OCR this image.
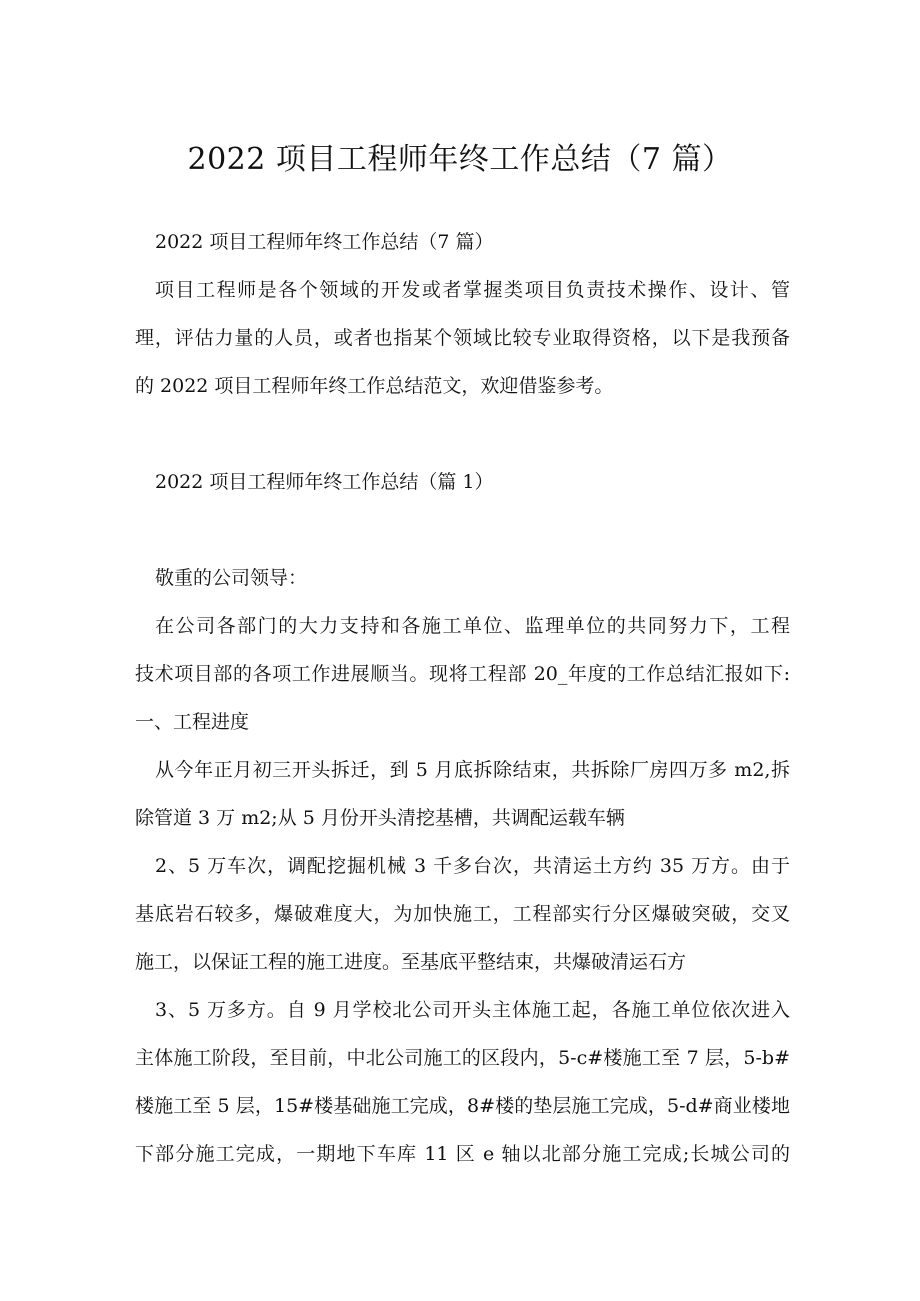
2022 项目工程师年终工作总结（7 篇）
2022 项目工程师年终工作总结（7 篇）
项目工程师是各个领域的开发或者掌握类项目负责技术操作、设计、管
理，评估力量的人员，或者也指某个领域比较专业取得资格，以下是我预备
的 2022 项目工程师年终工作总结范文，欢迎借鉴参考。
2022 项目工程师年终工作总结（篇 1）
敬重的公司领导：
在公司各部门的大力支持和各施工单位、监理单位的共同努力下，工程
技术项目部的各项工作进展顺当。现将工程部 20_年度的工作总结汇报如下:
一、工程进度
从今年正月初三开头拆迁，到 5 月底拆除结束，共拆除厂房四万多 m2,拆
除管道 3 万 m2;从 5 月份开头清挖基槽，共调配运载车辆
2、5 万车次，调配挖掘机械 3 千多台次，共清运土方约 35 万方。由于
基底岩石较多，爆破难度大，为加快施工，工程部实行分区爆破突破，交叉
施工，以保证工程的施工进度。至基底平整结束，共爆破清运石方
3、5 万多方。自 9 月学校北公司开头主体施工起，各施工单位依次进入
主体施工阶段，至目前，中北公司施工的区段内，5-c#楼施工至 7 层，5-b#
楼施工至 5 层，15#楼基础施工完成，8#楼的垫层施工完成，5-d#商业楼地
下部分施工完成，一期地下车库 11 区 e 轴以北部分施工完成;长城公司的
